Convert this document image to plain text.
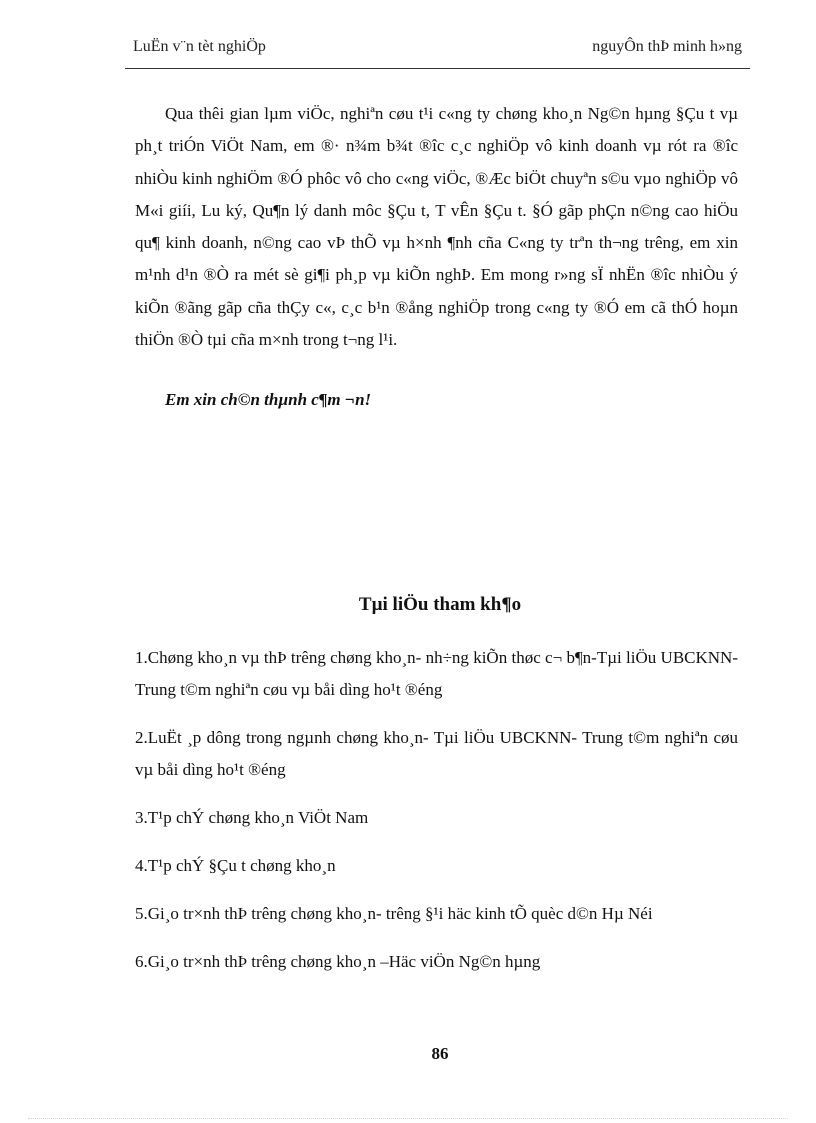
LuËn v¨n tèt nghiÖp	nguyÔn thÞ minh h»ng

Qua thêi gian lµm viÖc, nghiªn cøu t¹i c«ng ty chøng kho¸n Ng©n hµng §Çu t vµ ph¸t triÓn ViÖt Nam, em ®· n¾m b¾t ®îc c¸c nghiÖp vô kinh doanh vµ rót ra ®îc nhiÒu kinh nghiÖm ®Ó phôc vô cho c«ng viÖc, ®Æc biÖt chuyªn s©u vµo nghiÖp vô M«i giíi, Lu ký, Qu¶n lý danh môc §Çu t, T vÊn §Çu t. §Ó gãp phÇn n©ng cao hiÖu qu¶ kinh doanh, n©ng cao vÞ thÕ vµ h×nh ¶nh cña C«ng ty trªn th¬ng trêng, em xin m¹nh d¹n ®Ò ra mét sè gi¶i ph¸p vµ kiÕn nghÞ. Em mong r»ng sÏ nhËn ®îc nhiÒu ý kiÕn ®ãng gãp cña thÇy c«, c¸c b¹n ®ång nghiÖp trong c«ng ty ®Ó em cã thÓ hoµn thiÖn ®Ò tµi cña m×nh trong t¬ng l¹i.

Em xin ch©n thµnh c¶m ¬n!
Tµi liÖu tham kh¶o
1.Chøng kho¸n vµ thÞ trêng chøng kho¸n- nh÷ng kiÕn thøc c¬ b¶n-Tµi liÖu UBCKNN- Trung t©m nghiªn cøu vµ båi dìng ho¹t ®éng
2.LuËt ¸p dông trong ngµnh chøng kho¸n- Tµi liÖu UBCKNN- Trung t©m nghiªn cøu vµ båi dìng ho¹t ®éng
3.T¹p chÝ chøng kho¸n ViÖt Nam
4.T¹p chÝ §Çu t chøng kho¸n
5.Gi¸o tr×nh thÞ trêng chøng kho¸n- trêng §¹i häc kinh tÕ quèc d©n Hµ Néi
6.Gi¸o tr×nh thÞ trêng chøng kho¸n –Häc viÖn Ng©n hµng
86
